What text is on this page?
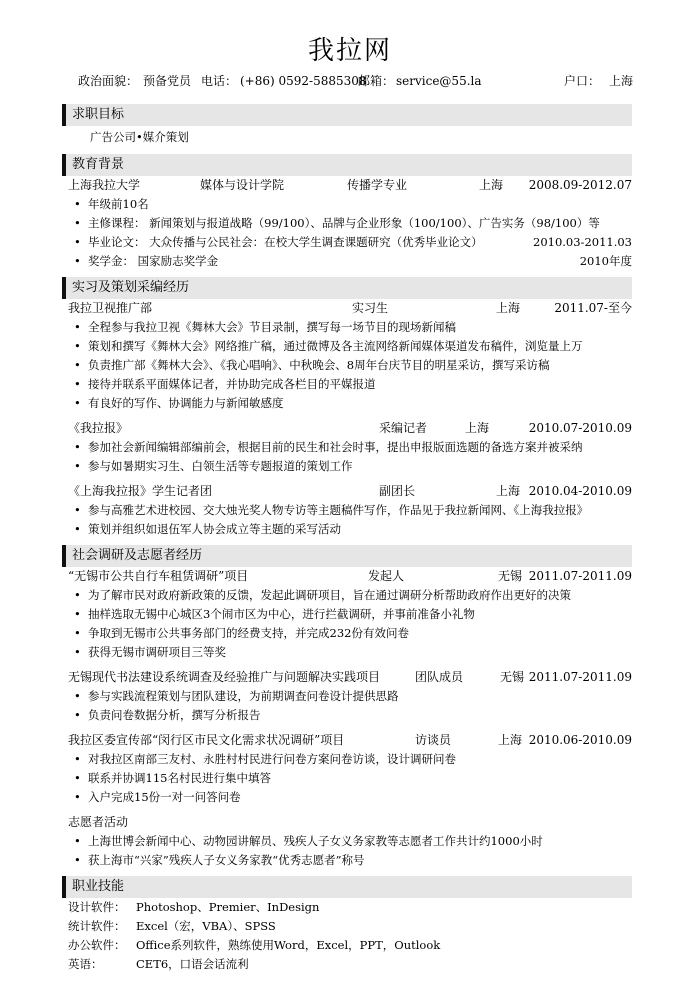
我拉网
政治面貌： 预备党员 电话： (+86) 0592-5885308
邮箱： service@55.la	户口： 上海
求职目标
广告公司•媒介策划
教育背景
上海我拉大学	媒体与设计学院	传播学专业	上海 2008.09-2012.07
• 年级前10名
• 主修课程： 新闻策划与报道战略（99/100）、品牌与企业形象（100/100）、广告实务（98/100）等
• 毕业论文： 大众传播与公民社会：在校大学生调查课题研究（优秀毕业论文）	2010.03-2011.03
• 奖学金： 国家励志奖学金	2010年度
实习及策划采编经历
我拉卫视推广部	实习生	上海	2011.07-至今
• 全程参与我拉卫视《舞林大会》节目录制，撰写每一场节目的现场新闻稿
• 策划和撰写《舞林大会》网络推广稿，通过微博及各主流网络新闻媒体渠道发布稿件，浏览量上万
• 负责推广部《舞林大会》、《我心唱响》、中秋晚会、8周年台庆节目的明星采访，撰写采访稿
• 接待并联系平面媒体记者，并协助完成各栏目的平媒报道
• 有良好的写作、协调能力与新闻敏感度
《我拉报》	采编记者	上海	2010.07-2010.09
• 参加社会新闻编辑部编前会，根据目前的民生和社会时事，提出申报版面选题的备选方案并被采纳
• 参与如暑期实习生、白领生活等专题报道的策划工作
《上海我拉报》学生记者团	副团长	上海 2010.04-2010.09
• 参与高雅艺术进校园、交大烛光奖人物专访等主题稿件写作，作品见于我拉新闻网、《上海我拉报》
• 策划并组织如退伍军人协会成立等主题的采写活动
社会调研及志愿者经历
“无锡市公共自行车租赁调研”项目	发起人	无锡 2011.07-2011.09
• 为了解市民对政府新政策的反馈，发起此调研项目，旨在通过调研分析帮助政府作出更好的决策
• 抽样选取无锡中心城区3个闹市区为中心，进行拦截调研，并事前准备小礼物
• 争取到无锡市公共事务部门的经费支持，并完成232份有效问卷
• 获得无锡市调研项目三等奖
无锡现代书法建设系统调查及经验推广与问题解决实践项目	团队成员	无锡 2011.07-2011.09
• 参与实践流程策划与团队建设，为前期调查问卷设计提供思路
• 负责问卷数据分析，撰写分析报告
我拉区委宣传部“闵行区市民文化需求状况调研”项目	访谈员	上海 2010.06-2010.09
• 对我拉区南部三友村、永胜村村民进行问卷方案问卷访谈，设计调研问卷
• 联系并协调115名村民进行集中填答
• 入户完成15份一对一问答问卷
志愿者活动
• 上海世博会新闻中心、动物园讲解员、残疾人子女义务家教等志愿者工作共计约1000小时
• 获上海市“兴家”残疾人子女义务家教“优秀志愿者”称号
职业技能
设计软件： Photoshop、Premier、InDesign
统计软件： Excel（宏，VBA）、SPSS
办公软件： Office系列软件，熟练使用Word，Excel，PPT，Outlook
英语：	CET6，口语会话流利
